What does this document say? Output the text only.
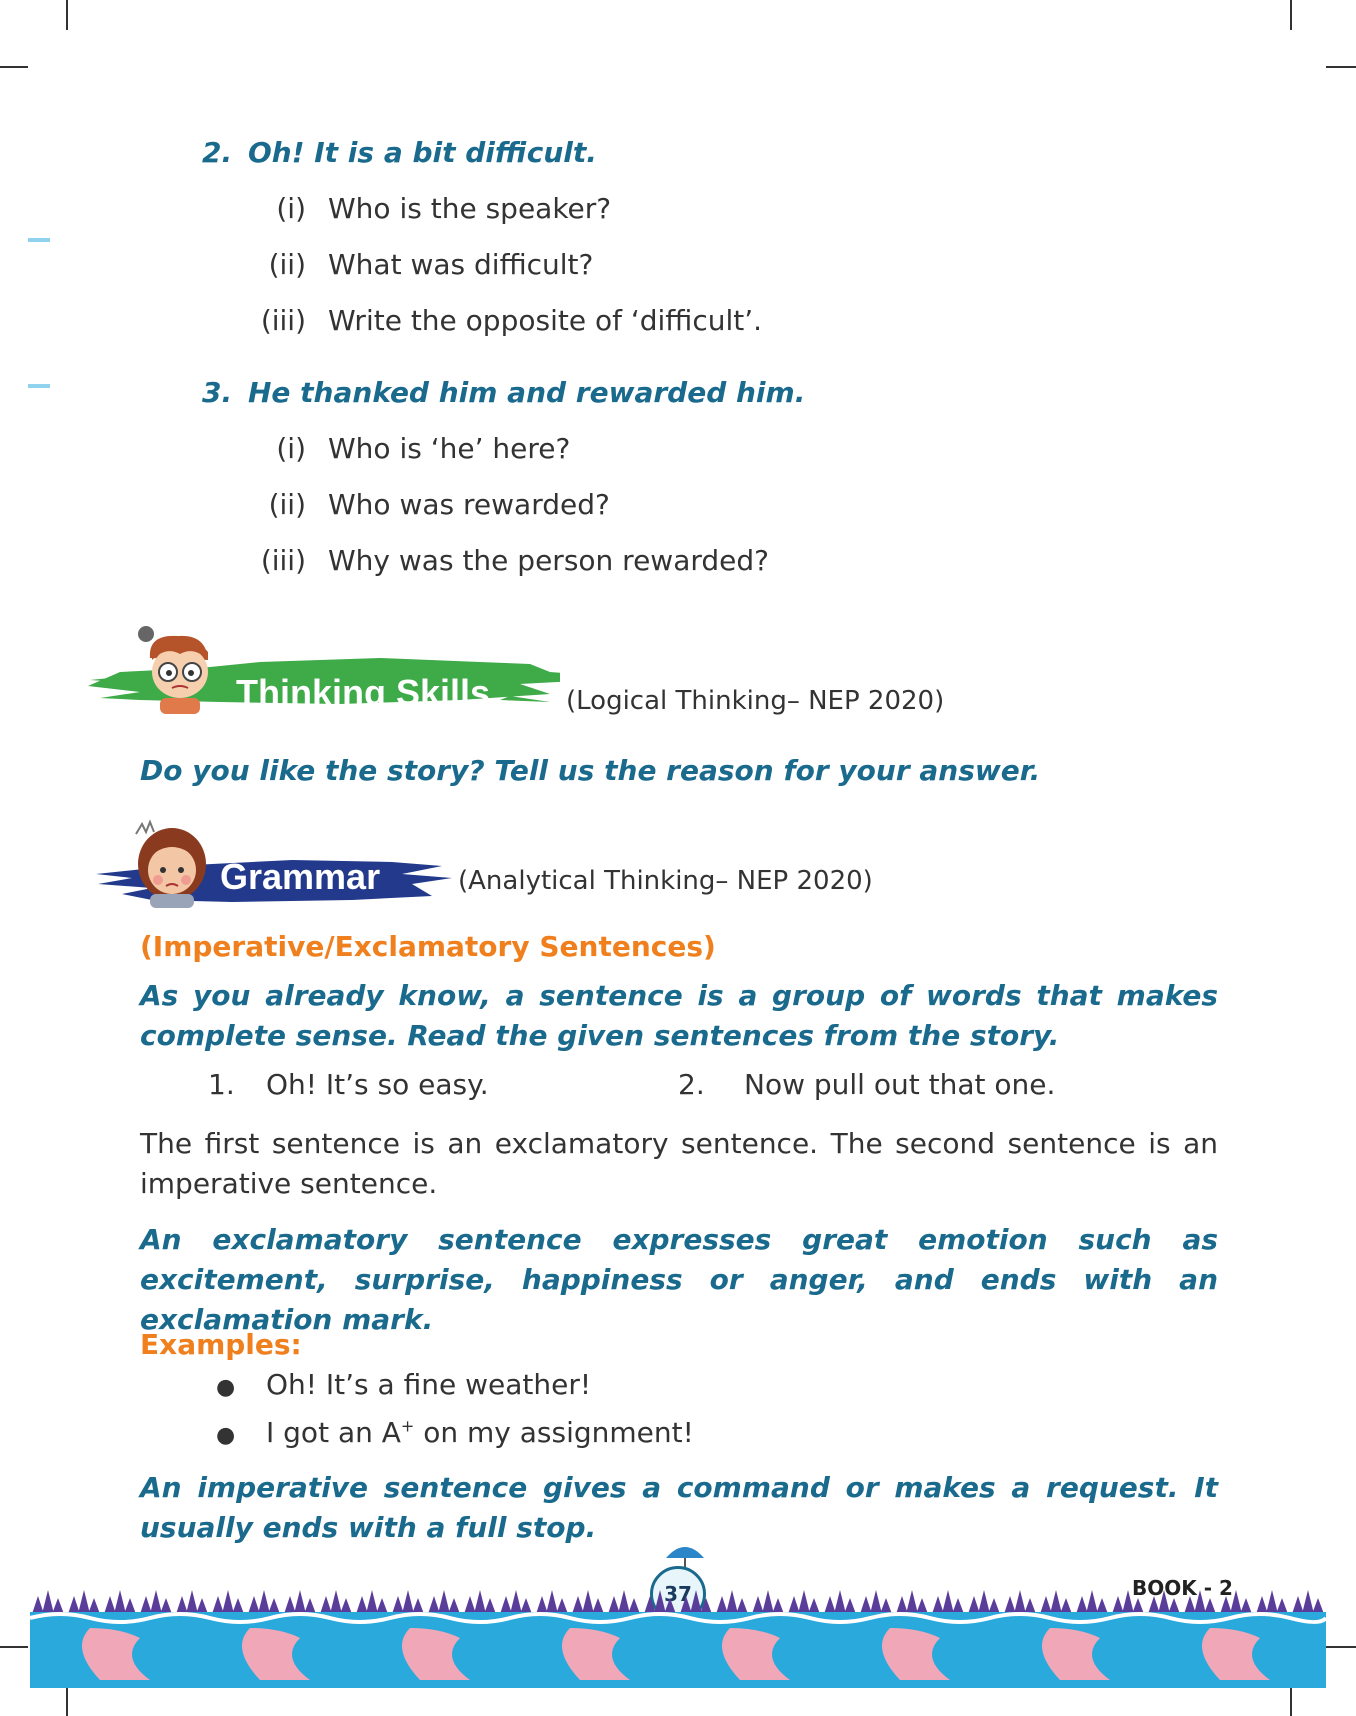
2. Oh! It is a bit difficult.
(i) Who is the speaker?
(ii) What was difficult?
(iii) Write the opposite of ‘difficult’.
3. He thanked him and rewarded him.
(i) Who is ‘he’ here?
(ii) Who was rewarded?
(iii) Why was the person rewarded?
Thinking Skills	(Logical Thinking– NEP 2020)
Do you like the story? Tell us the reason for your answer.
Grammar	(Analytical Thinking– NEP 2020)
(Imperative/Exclamatory Sentences)
As you already know, a sentence is a group of words that makes complete sense. Read the given sentences from the story.
1. Oh! It’s so easy.	2. Now pull out that one.
The first sentence is an exclamatory sentence. The second sentence is an imperative sentence.
An exclamatory sentence expresses great emotion such as excitement, surprise, happiness or anger, and ends with an exclamation mark.
Examples:
● Oh! It’s a fine weather!
● I got an A+ on my assignment!
An imperative sentence gives a command or makes a request. It usually ends with a full stop.
